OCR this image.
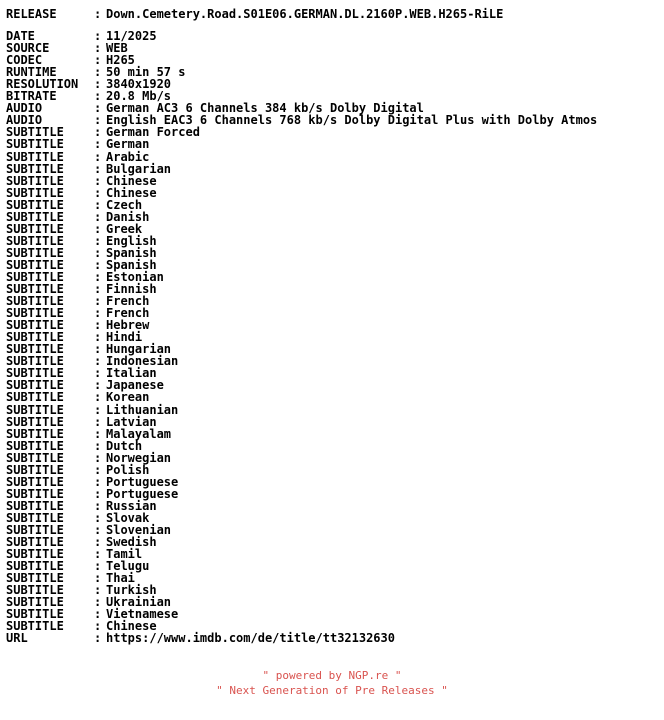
RELEASE	: Down.Cemetery.Road.S01E06.GERMAN.DL.2160P.WEB.H265-RiLE
DATE	: 11/2025
SOURCE	: WEB
CODEC	: H265
RUNTIME	: 50 min 57 s
RESOLUTION	: 3840x1920
BITRATE	: 20.8 Mb/s
AUDIO	: German AC3 6 Channels 384 kb/s Dolby Digital
AUDIO	: English EAC3 6 Channels 768 kb/s Dolby Digital Plus with Dolby Atmos
SUBTITLE	: German Forced
SUBTITLE	: German
SUBTITLE	: Arabic
SUBTITLE	: Bulgarian
SUBTITLE	: Chinese
SUBTITLE	: Chinese
SUBTITLE	: Czech
SUBTITLE	: Danish
SUBTITLE	: Greek
SUBTITLE	: English
SUBTITLE	: Spanish
SUBTITLE	: Spanish
SUBTITLE	: Estonian
SUBTITLE	: Finnish
SUBTITLE	: French
SUBTITLE	: French
SUBTITLE	: Hebrew
SUBTITLE	: Hindi
SUBTITLE	: Hungarian
SUBTITLE	: Indonesian
SUBTITLE	: Italian
SUBTITLE	: Japanese
SUBTITLE	: Korean
SUBTITLE	: Lithuanian
SUBTITLE	: Latvian
SUBTITLE	: Malayalam
SUBTITLE	: Dutch
SUBTITLE	: Norwegian
SUBTITLE	: Polish
SUBTITLE	: Portuguese
SUBTITLE	: Portuguese
SUBTITLE	: Russian
SUBTITLE	: Slovak
SUBTITLE	: Slovenian
SUBTITLE	: Swedish
SUBTITLE	: Tamil
SUBTITLE	: Telugu
SUBTITLE	: Thai
SUBTITLE	: Turkish
SUBTITLE	: Ukrainian
SUBTITLE	: Vietnamese
SUBTITLE	: Chinese
URL	: https://www.imdb.com/de/title/tt32132630
" powered by NGP.re "
" Next Generation of Pre Releases "
